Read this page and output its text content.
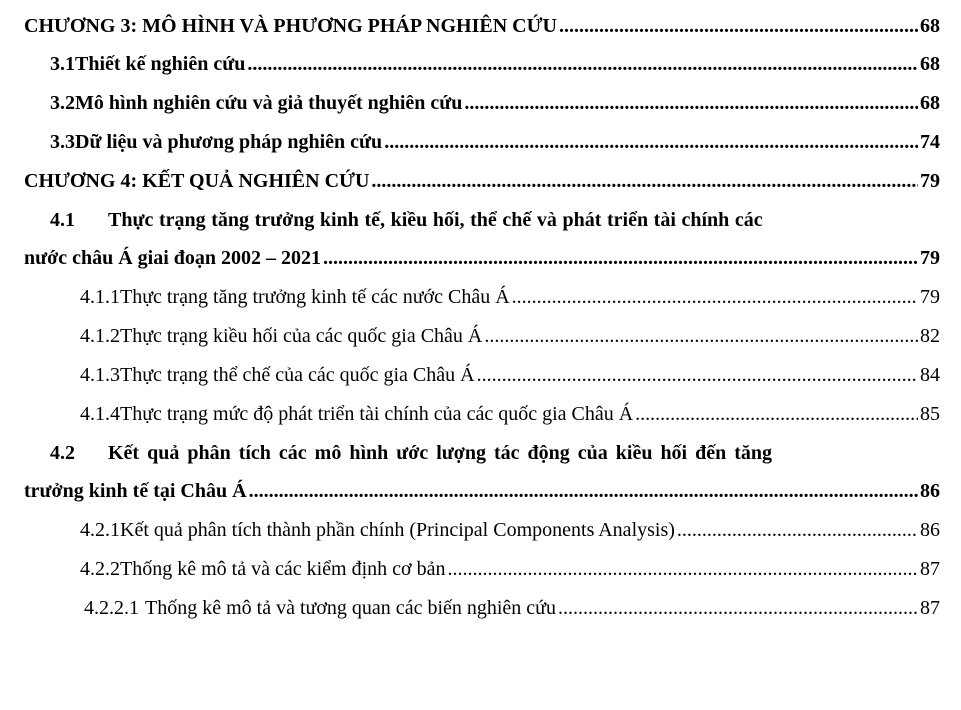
CHƯƠNG 3: MÔ HÌNH VÀ PHƯƠNG PHÁP NGHIÊN CỨU .....	68
3.1 Thiết kế nghiên cứu .....	68
3.2 Mô hình nghiên cứu và giả thuyết nghiên cứu .....	68
3.3 Dữ liệu và phương pháp nghiên cứu .....	74
CHƯƠNG 4: KẾT QUẢ NGHIÊN CỨU .....	79
4.1	Thực trạng tăng trưởng kinh tế, kiều hối, thể chế và phát triển tài chính các
nước châu Á giai đoạn 2002 – 2021 .....	79
4.1.1 Thực trạng tăng trưởng kinh tế các nước Châu Á .....	79
4.1.2 Thực trạng kiều hối của các quốc gia Châu Á .....	82
4.1.3 Thực trạng thể chế của các quốc gia Châu Á .....	84
4.1.4 Thực trạng mức độ phát triển tài chính của các quốc gia Châu Á .....	85
4.2	Kết quả phân tích các mô hình ước lượng tác động của kiều hối đến tăng
trưởng kinh tế tại Châu Á .....	86
4.2.1 Kết quả phân tích thành phần chính (Principal Components Analysis) .....	86
4.2.2 Thống kê mô tả và các kiểm định cơ bản .....	87
4.2.2.1 Thống kê mô tả và tương quan các biến nghiên cứu .....	87
